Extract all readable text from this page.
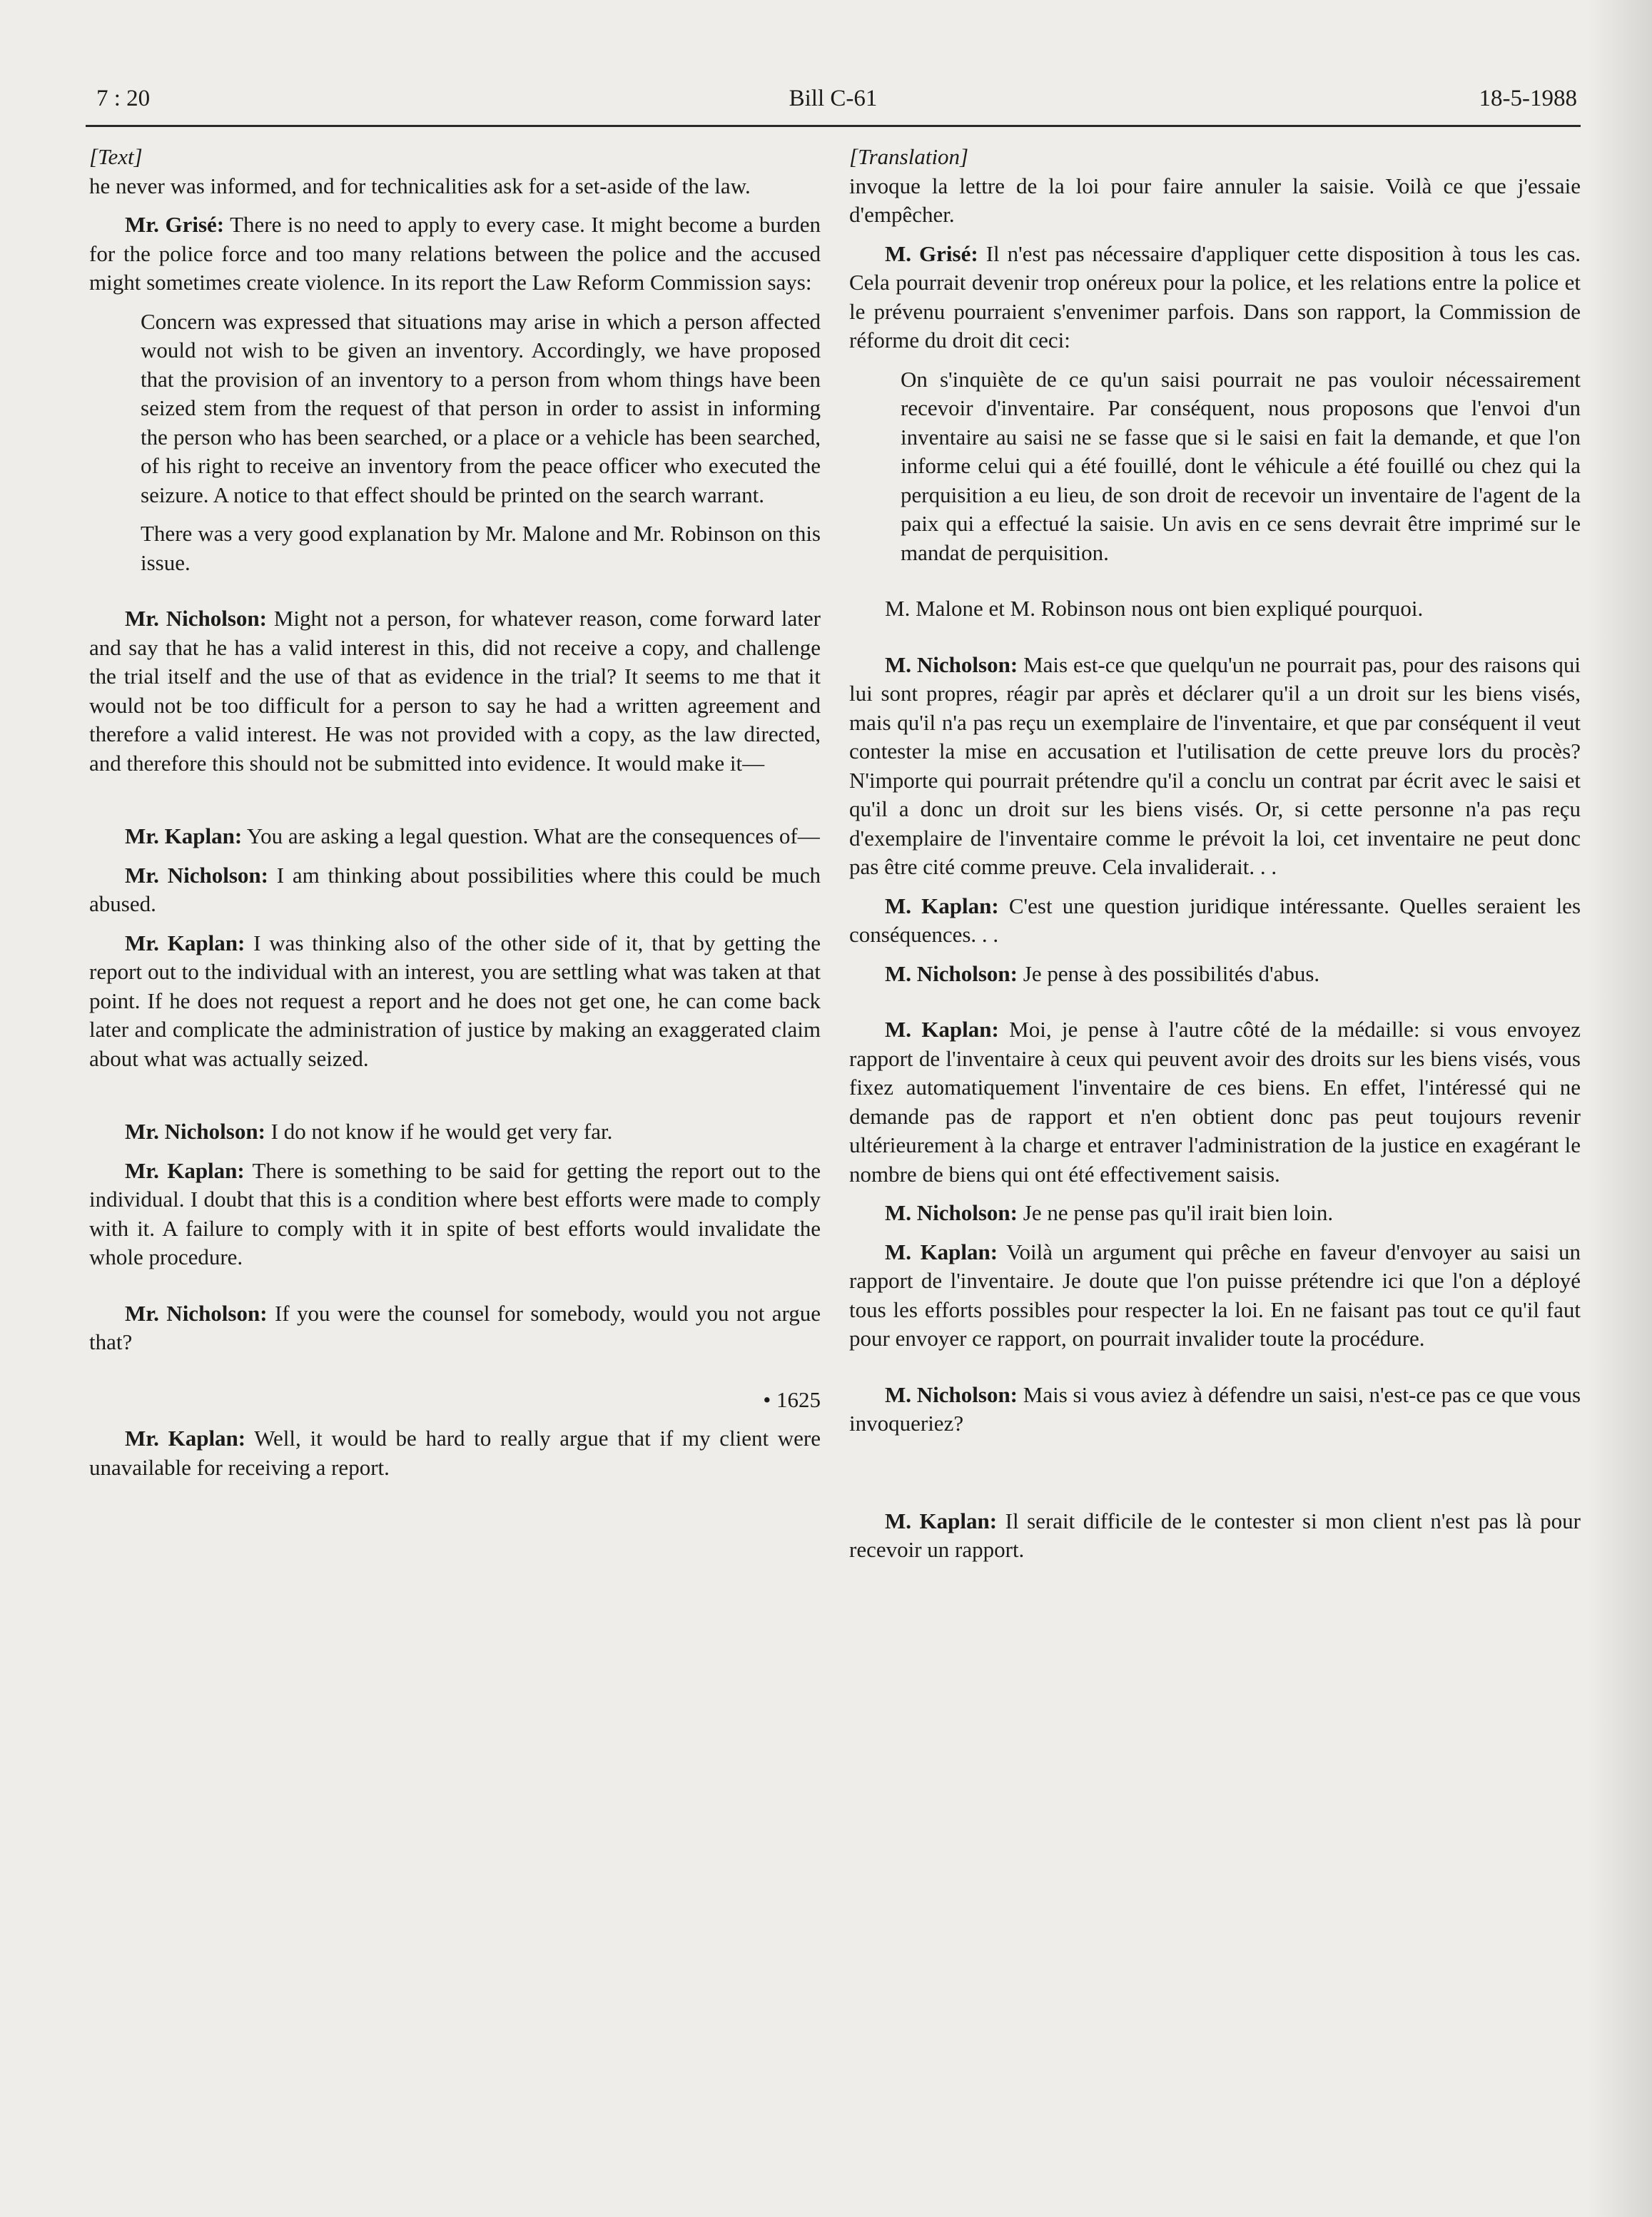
7 : 20	Bill C-61	18-5-1988

[Text]

he never was informed, and for technicalities ask for a set-aside of the law.

Mr. Grisé: There is no need to apply to every case. It might become a burden for the police force and too many relations between the police and the accused might sometimes create violence. In its report the Law Reform Commission says:

Concern was expressed that situations may arise in which a person affected would not wish to be given an inventory. Accordingly, we have proposed that the provision of an inventory to a person from whom things have been seized stem from the request of that person in order to assist in informing the person who has been searched, or a place or a vehicle has been searched, of his right to receive an inventory from the peace officer who executed the seizure. A notice to that effect should be printed on the search warrant.

There was a very good explanation by Mr. Malone and Mr. Robinson on this issue.

Mr. Nicholson: Might not a person, for whatever reason, come forward later and say that he has a valid interest in this, did not receive a copy, and challenge the trial itself and the use of that as evidence in the trial? It seems to me that it would not be too difficult for a person to say he had a written agreement and therefore a valid interest. He was not provided with a copy, as the law directed, and therefore this should not be submitted into evidence. It would make it—

Mr. Kaplan: You are asking a legal question. What are the consequences of—

Mr. Nicholson: I am thinking about possibilities where this could be much abused.

Mr. Kaplan: I was thinking also of the other side of it, that by getting the report out to the individual with an interest, you are settling what was taken at that point. If he does not request a report and he does not get one, he can come back later and complicate the administration of justice by making an exaggerated claim about what was actually seized.

Mr. Nicholson: I do not know if he would get very far.

Mr. Kaplan: There is something to be said for getting the report out to the individual. I doubt that this is a condition where best efforts were made to comply with it. A failure to comply with it in spite of best efforts would invalidate the whole procedure.

Mr. Nicholson: If you were the counsel for somebody, would you not argue that?

• 1625

Mr. Kaplan: Well, it would be hard to really argue that if my client were unavailable for receiving a report.

[Translation]

invoque la lettre de la loi pour faire annuler la saisie. Voilà ce que j'essaie d'empêcher.

M. Grisé: Il n'est pas nécessaire d'appliquer cette disposition à tous les cas. Cela pourrait devenir trop onéreux pour la police, et les relations entre la police et le prévenu pourraient s'envenimer parfois. Dans son rapport, la Commission de réforme du droit dit ceci:

On s'inquiète de ce qu'un saisi pourrait ne pas vouloir nécessairement recevoir d'inventaire. Par conséquent, nous proposons que l'envoi d'un inventaire au saisi ne se fasse que si le saisi en fait la demande, et que l'on informe celui qui a été fouillé, dont le véhicule a été fouillé ou chez qui la perquisition a eu lieu, de son droit de recevoir un inventaire de l'agent de la paix qui a effectué la saisie. Un avis en ce sens devrait être imprimé sur le mandat de perquisition.

M. Malone et M. Robinson nous ont bien expliqué pourquoi.

M. Nicholson: Mais est-ce que quelqu'un ne pourrait pas, pour des raisons qui lui sont propres, réagir par après et déclarer qu'il a un droit sur les biens visés, mais qu'il n'a pas reçu un exemplaire de l'inventaire, et que par conséquent il veut contester la mise en accusation et l'utilisation de cette preuve lors du procès? N'importe qui pourrait prétendre qu'il a conclu un contrat par écrit avec le saisi et qu'il a donc un droit sur les biens visés. Or, si cette personne n'a pas reçu d'exemplaire de l'inventaire comme le prévoit la loi, cet inventaire ne peut donc pas être cité comme preuve. Cela invaliderait. . .

M. Kaplan: C'est une question juridique intéressante. Quelles seraient les conséquences. . .

M. Nicholson: Je pense à des possibilités d'abus.

M. Kaplan: Moi, je pense à l'autre côté de la médaille: si vous envoyez rapport de l'inventaire à ceux qui peuvent avoir des droits sur les biens visés, vous fixez automatiquement l'inventaire de ces biens. En effet, l'intéressé qui ne demande pas de rapport et n'en obtient donc pas peut toujours revenir ultérieurement à la charge et entraver l'administration de la justice en exagérant le nombre de biens qui ont été effectivement saisis.

M. Nicholson: Je ne pense pas qu'il irait bien loin.

M. Kaplan: Voilà un argument qui prêche en faveur d'envoyer au saisi un rapport de l'inventaire. Je doute que l'on puisse prétendre ici que l'on a déployé tous les efforts possibles pour respecter la loi. En ne faisant pas tout ce qu'il faut pour envoyer ce rapport, on pourrait invalider toute la procédure.

M. Nicholson: Mais si vous aviez à défendre un saisi, n'est-ce pas ce que vous invoqueriez?

M. Kaplan: Il serait difficile de le contester si mon client n'est pas là pour recevoir un rapport.
